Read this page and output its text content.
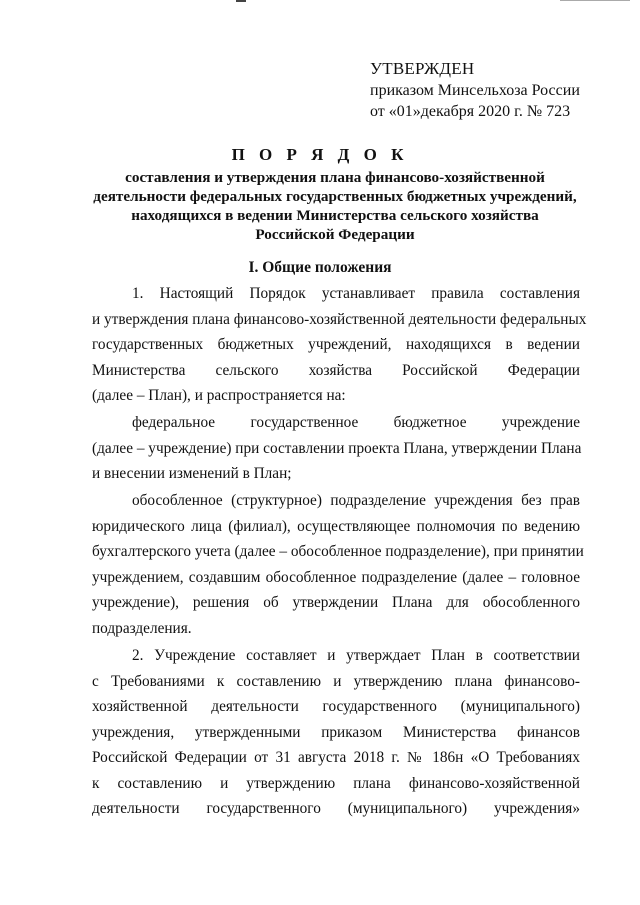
УТВЕРЖДЕН
приказом Минсельхоза России
от «01»декабря 2020 г. № 723
П О Р Я Д О К
составления и утверждения плана финансово-хозяйственной
деятельности федеральных государственных бюджетных учреждений,
находящихся в ведении Министерства сельского хозяйства
Российской Федерации
I. Общие положения
1. Настоящий Порядок устанавливает правила составления
и утверждения плана финансово-хозяйственной деятельности федеральных
государственных бюджетных учреждений, находящихся в ведении
Министерства сельского хозяйства Российской Федерации
(далее – План), и распространяется на:
федеральное государственное бюджетное учреждение
(далее – учреждение) при составлении проекта Плана, утверждении Плана
и внесении изменений в План;
обособленное (структурное) подразделение учреждения без прав
юридического лица (филиал), осуществляющее полномочия по ведению
бухгалтерского учета (далее – обособленное подразделение), при принятии
учреждением, создавшим обособленное подразделение (далее – головное
учреждение), решения об утверждении Плана для обособленного
подразделения.
2. Учреждение составляет и утверждает План в соответствии
с Требованиями к составлению и утверждению плана финансово-
хозяйственной деятельности государственного (муниципального)
учреждения, утвержденными приказом Министерства финансов
Российской Федерации от 31 августа 2018 г. № 186н «О Требованиях
к составлению и утверждению плана финансово-хозяйственной
деятельности государственного (муниципального) учреждения»
